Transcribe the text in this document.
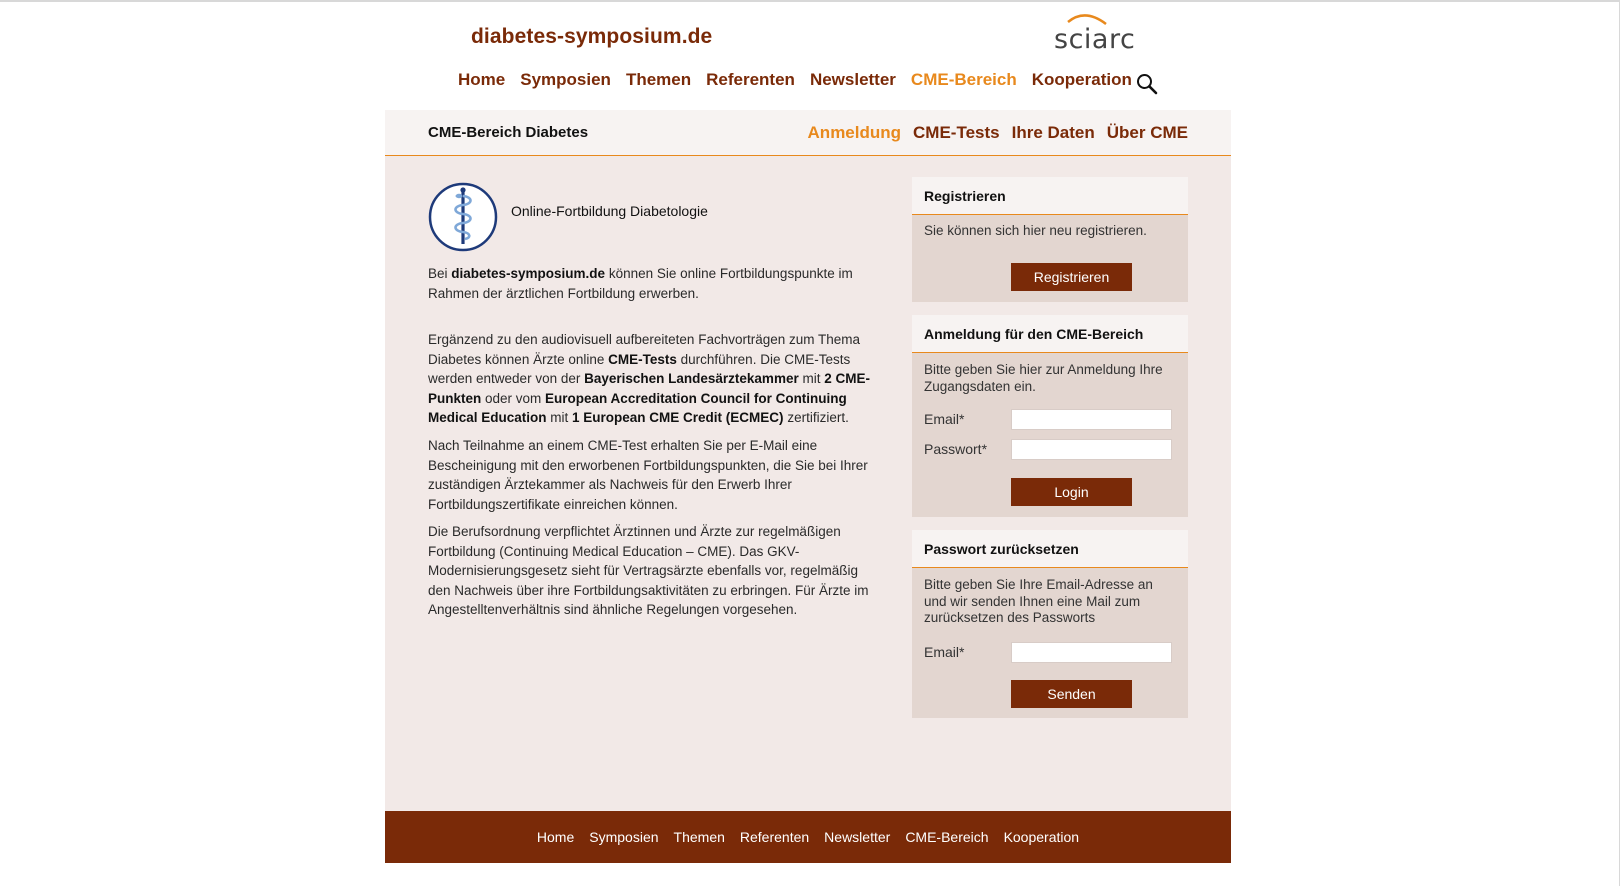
diabetes-symposium.de	sciarc
Home Symposien Themen Referenten Newsletter CME-Bereich Kooperation
CME-Bereich Diabetes	Anmeldung CME-Tests Ihre Daten Über CME
Online-Fortbildung Diabetologie

Bei diabetes-symposium.de können Sie online Fortbildungspunkte im Rahmen der ärztlichen Fortbildung erwerben.

Ergänzend zu den audiovisuell aufbereiteten Fachvorträgen zum Thema Diabetes können Ärzte online CME-Tests durchführen. Die CME-Tests werden entweder von der Bayerischen Landesärztekammer mit 2 CME-Punkten oder vom European Accreditation Council for Continuing Medical Education mit 1 European CME Credit (ECMEC) zertifiziert.

Nach Teilnahme an einem CME-Test erhalten Sie per E-Mail eine Bescheinigung mit den erworbenen Fortbildungspunkten, die Sie bei Ihrer zuständigen Ärztekammer als Nachweis für den Erwerb Ihrer Fortbildungszertifikate einreichen können.

Die Berufsordnung verpflichtet Ärztinnen und Ärzte zur regelmäßigen Fortbildung (Continuing Medical Education – CME). Das GKV-Modernisierungsgesetz sieht für Vertragsärzte ebenfalls vor, regelmäßig den Nachweis über ihre Fortbildungsaktivitäten zu erbringen. Für Ärzte im Angestelltenverhältnis sind ähnliche Regelungen vorgesehen.

Registrieren
Sie können sich hier neu registrieren.
Registrieren
Anmeldung für den CME-Bereich
Bitte geben Sie hier zur Anmeldung Ihre Zugangsdaten ein.
Email*
Passwort*
Login
Passwort zurücksetzen
Bitte geben Sie Ihre Email-Adresse an und wir senden Ihnen eine Mail zum zurücksetzen des Passworts
Email*
Senden
Home Symposien Themen Referenten Newsletter CME-Bereich Kooperation
